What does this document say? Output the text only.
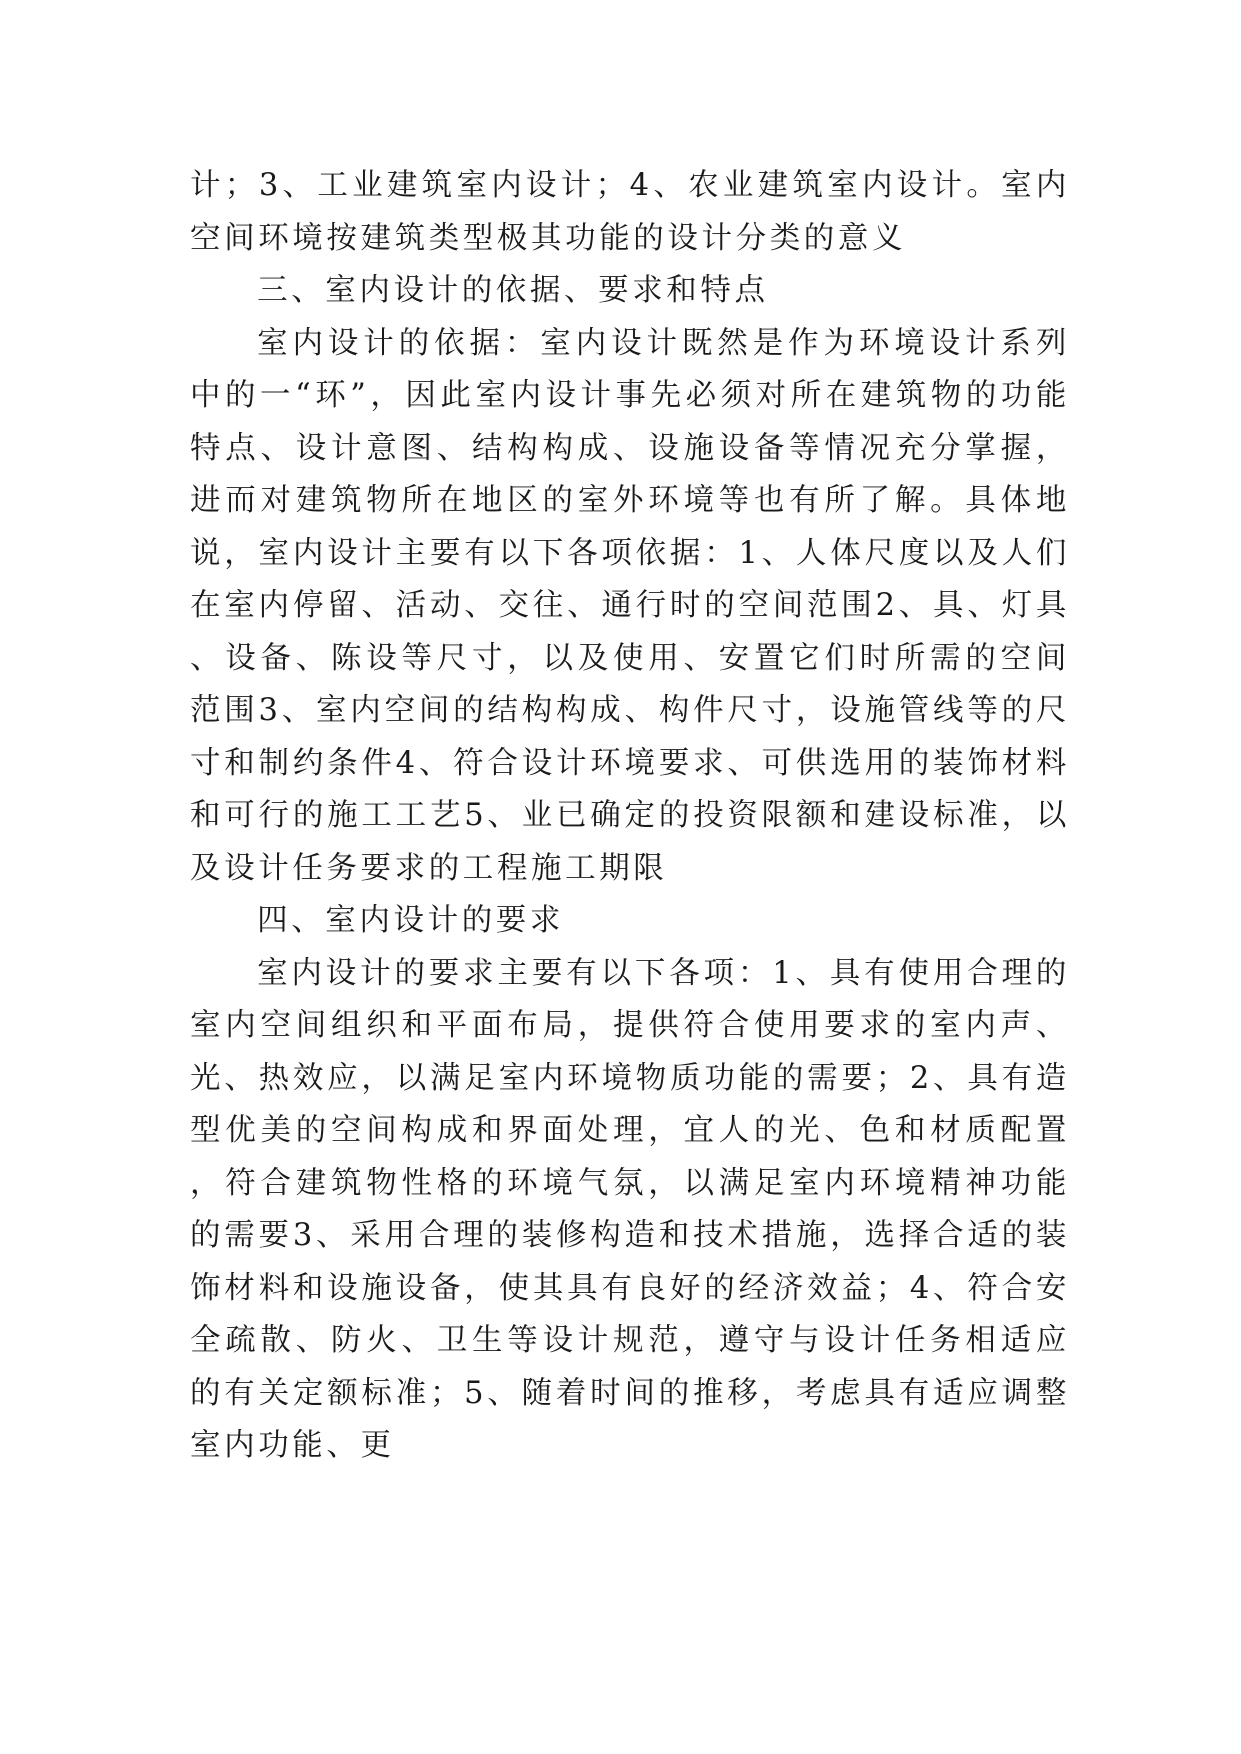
计；3、工业建筑室内设计；4、农业建筑室内设计。室内空间环境按建筑类型极其功能的设计分类的意义

三、室内设计的依据、要求和特点

室内设计的依据：室内设计既然是作为环境设计系列中的一“环”，因此室内设计事先必须对所在建筑物的功能特点、设计意图、结构构成、设施设备等情况充分掌握，进而对建筑物所在地区的室外环境等也有所了解。具体地说，室内设计主要有以下各项依据：1、人体尺度以及人们在室内停留、活动、交往、通行时的空间范围2、具、灯具、设备、陈设等尺寸，以及使用、安置它们时所需的空间范围3、室内空间的结构构成、构件尺寸，设施管线等的尺寸和制约条件4、符合设计环境要求、可供选用的装饰材料和可行的施工工艺5、业已确定的投资限额和建设标准，以及设计任务要求的工程施工期限

四、室内设计的要求

室内设计的要求主要有以下各项：1、具有使用合理的室内空间组织和平面布局，提供符合使用要求的室内声、光、热效应，以满足室内环境物质功能的需要；2、具有造型优美的空间构成和界面处理，宜人的光、色和材质配置，符合建筑物性格的环境气氛，以满足室内环境精神功能的需要3、采用合理的装修构造和技术措施，选择合适的装饰材料和设施设备，使其具有良好的经济效益；4、符合安全疏散、防火、卫生等设计规范，遵守与设计任务相适应的有关定额标准；5、随着时间的推移，考虑具有适应调整室内功能、更
